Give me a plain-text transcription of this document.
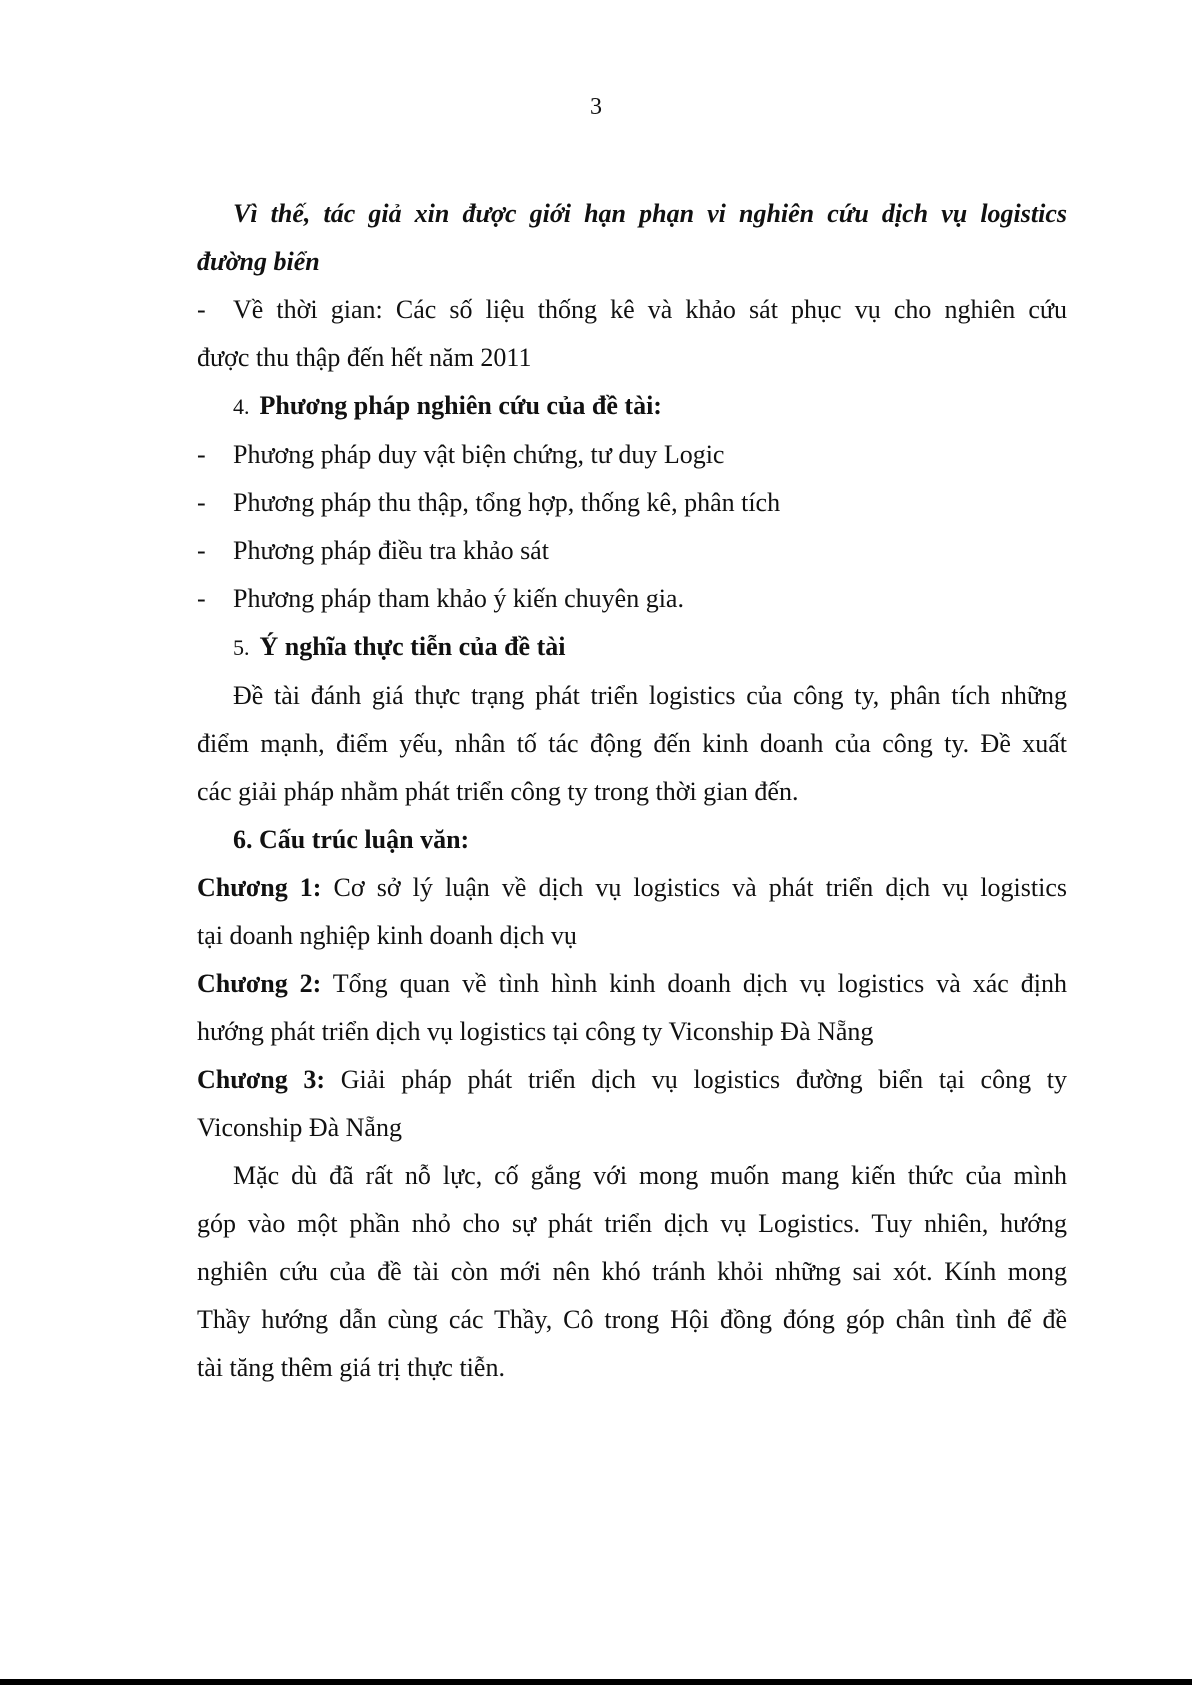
3

Vì thế, tác giả xin được giới hạn phạn vi nghiên cứu dịch vụ logistics

đường biển

-	Về thời gian: Các số liệu thống kê và khảo sát phục vụ cho nghiên cứu

được thu thập đến hết năm 2011

4. Phương pháp nghiên cứu của đề tài:

-	Phương pháp duy vật biện chứng, tư duy Logic
-	Phương pháp thu thập, tổng hợp, thống kê, phân tích
-	Phương pháp điều tra khảo sát
-	Phương pháp tham khảo ý kiến chuyên gia.

5. Ý nghĩa thực tiễn của đề tài

Đề tài đánh giá thực trạng phát triển logistics của công ty, phân tích những

điểm mạnh, điểm yếu, nhân tố tác động đến kinh doanh của công ty. Đề xuất

các giải pháp nhằm phát triển công ty trong thời gian đến.

6. Cấu trúc luận văn:

Chương 1: Cơ sở lý luận về dịch vụ logistics và phát triển dịch vụ logistics

tại doanh nghiệp kinh doanh dịch vụ

Chương 2: Tổng quan về tình hình kinh doanh dịch vụ logistics và xác định

hướng phát triển dịch vụ logistics tại công ty Viconship Đà Nẵng

Chương 3: Giải pháp phát triển dịch vụ logistics đường biển tại công ty

Viconship Đà Nẵng

Mặc dù đã rất nỗ lực, cố gắng với mong muốn mang kiến thức của mình

góp vào một phần nhỏ cho sự phát triển dịch vụ Logistics. Tuy nhiên, hướng

nghiên cứu của đề tài còn mới nên khó tránh khỏi những sai xót. Kính mong

Thầy hướng dẫn cùng các Thầy, Cô trong Hội đồng đóng góp chân tình để đề

tài tăng thêm giá trị thực tiễn.
